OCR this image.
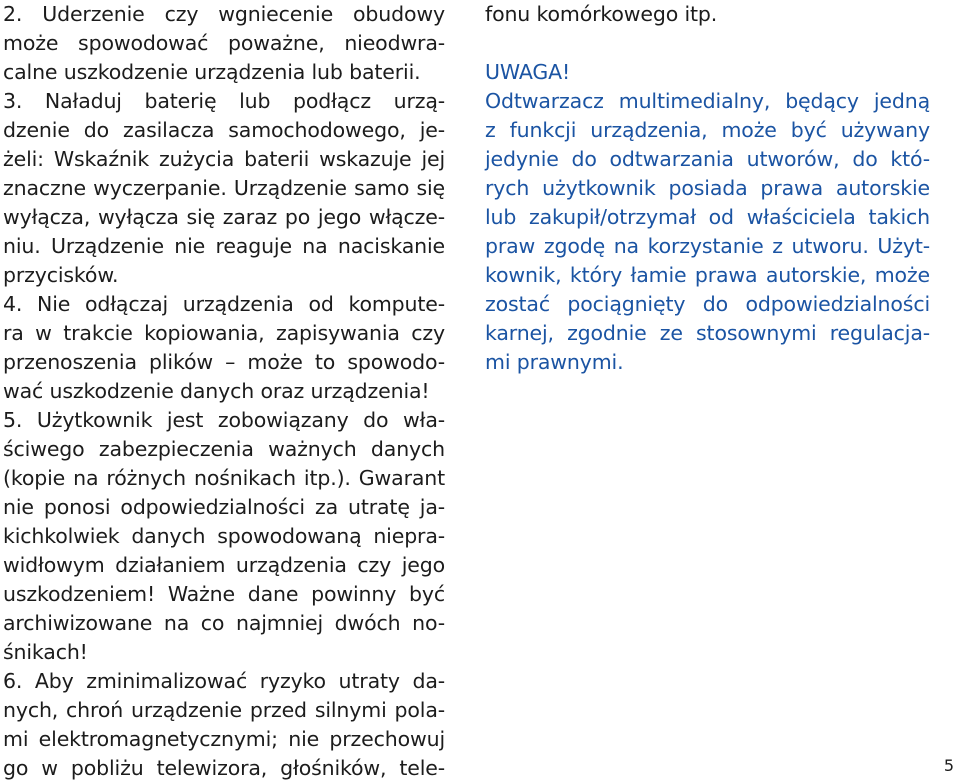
2. Uderzenie czy wgniecenie obudowy
może spowodować poważne, nieodwra-
calne uszkodzenie urządzenia lub baterii.
3. Naładuj baterię lub podłącz urzą-
dzenie do zasilacza samochodowego, je-
żeli: Wskaźnik zużycia baterii wskazuje jej
znaczne wyczerpanie. Urządzenie samo się
wyłącza, wyłącza się zaraz po jego włącze-
niu. Urządzenie nie reaguje na naciskanie
przycisków.
4. Nie odłączaj urządzenia od kompute-
ra w trakcie kopiowania, zapisywania czy
przenoszenia plików – może to spowodo-
wać uszkodzenie danych oraz urządzenia!
5. Użytkownik jest zobowiązany do wła-
ściwego zabezpieczenia ważnych danych
(kopie na różnych nośnikach itp.). Gwarant
nie ponosi odpowiedzialności za utratę ja-
kichkolwiek danych spowodowaną niepra-
widłowym działaniem urządzenia czy jego
uszkodzeniem! Ważne dane powinny być
archiwizowane na co najmniej dwóch no-
śnikach!
6. Aby zminimalizować ryzyko utraty da-
nych, chroń urządzenie przed silnymi pola-
mi elektromagnetycznymi; nie przechowuj
go w pobliżu telewizora, głośników, tele-
fonu komórkowego itp.
UWAGA!
Odtwarzacz multimedialny, będący jedną
z funkcji urządzenia, może być używany
jedynie do odtwarzania utworów, do któ-
rych użytkownik posiada prawa autorskie
lub zakupił/otrzymał od właściciela takich
praw zgodę na korzystanie z utworu. Użyt-
kownik, który łamie prawa autorskie, może
zostać pociągnięty do odpowiedzialności
karnej, zgodnie ze stosownymi regulacja-
mi prawnymi.
5
